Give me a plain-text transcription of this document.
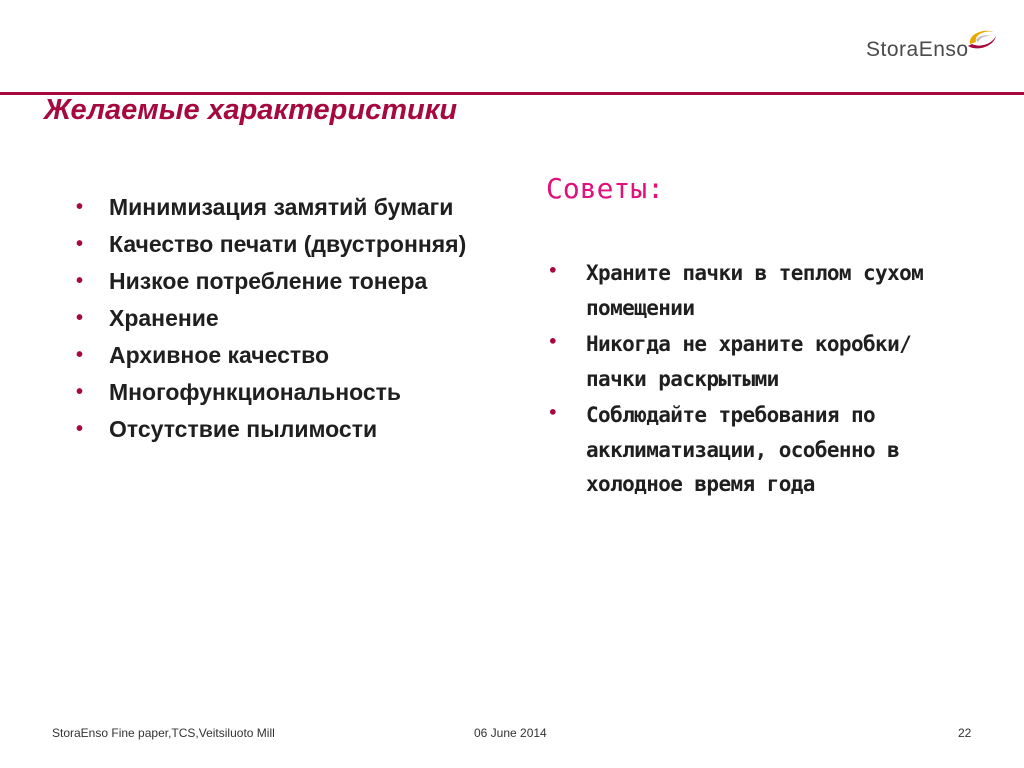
StoraEnso
Желаемые характеристики
• Минимизация замятий бумаги
• Качество печати (двустронняя)
• Низкое потребление тонера
• Хранение
• Архивное качество
• Многофункциональность
• Отсутствие пылимости
Советы:
• Храните пачки в теплом сухом помещении
• Никогда не храните коробки/пачки раскрытыми
• Соблюдайте требования по акклиматизации, особенно в холодное время года
StoraEnso Fine paper,TCS,Veitsiluoto Mill	06 June 2014	22
